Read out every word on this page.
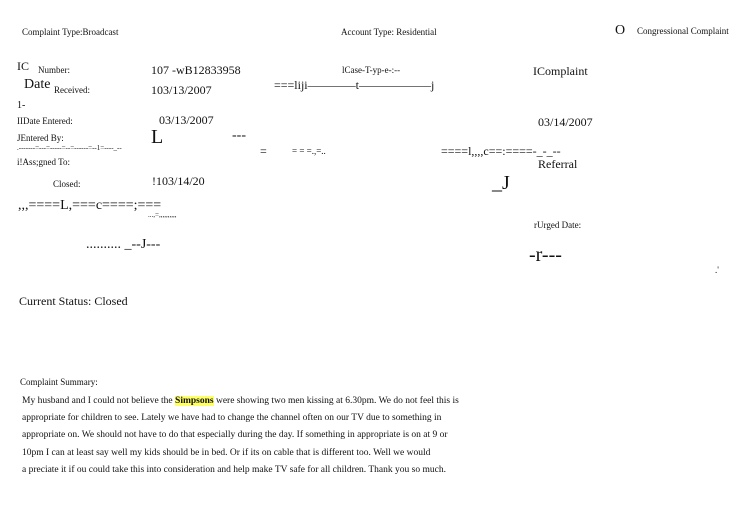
Complaint Type:Broadcast	Account Type: Residential	O Congressional Complaint
IC Number:	107 -wB12833958	lCase-T-yp-e-:--	IComplaint
Date Received:	103/13/2007	===liji————t——————j
1-
IIDate Entered:	03/13/2007	03/14/2007
JEntered By:	L	---
.-------=---=-----=--=------=--1=----_--	=	= = =.,=..	====l,,,,c==:====-_-_--
i!Ass;gned To:	Referral
Closed:	!103/14/20	_J
,,,====L,===c====;===
...,=,,,,,,,,,,
rUrged Date:
.......... _--J---	-r---
.'
Current Status: Closed
Complaint Summary:
My husband and I could not believe the Simpsons were showing two men kissing at 6.30pm. We do not feel this is
appropriate for children to see. Lately we have had to change the channel often on our TV due to something in
appropriate on. We should not have to do that especially during the day. If something in appropriate is on at 9 or
10pm I can at least say well my kids should be in bed. Or if its on cable that is different too. Well we would
a preciate it if ou could take this into consideration and help make TV safe for all children. Thank you so much.
